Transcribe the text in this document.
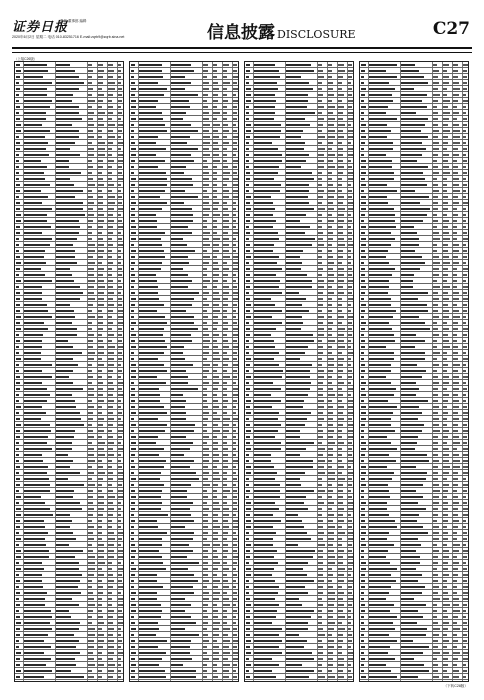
证券日报
责任 董事郎 编辑
2020年6月2日 星期二 电话 010-83251716 E-mail:zqrb9@zqrb.sina.net	信息披露 DISCLOSURE	C27
（上接C26版）
（下转C28版）
